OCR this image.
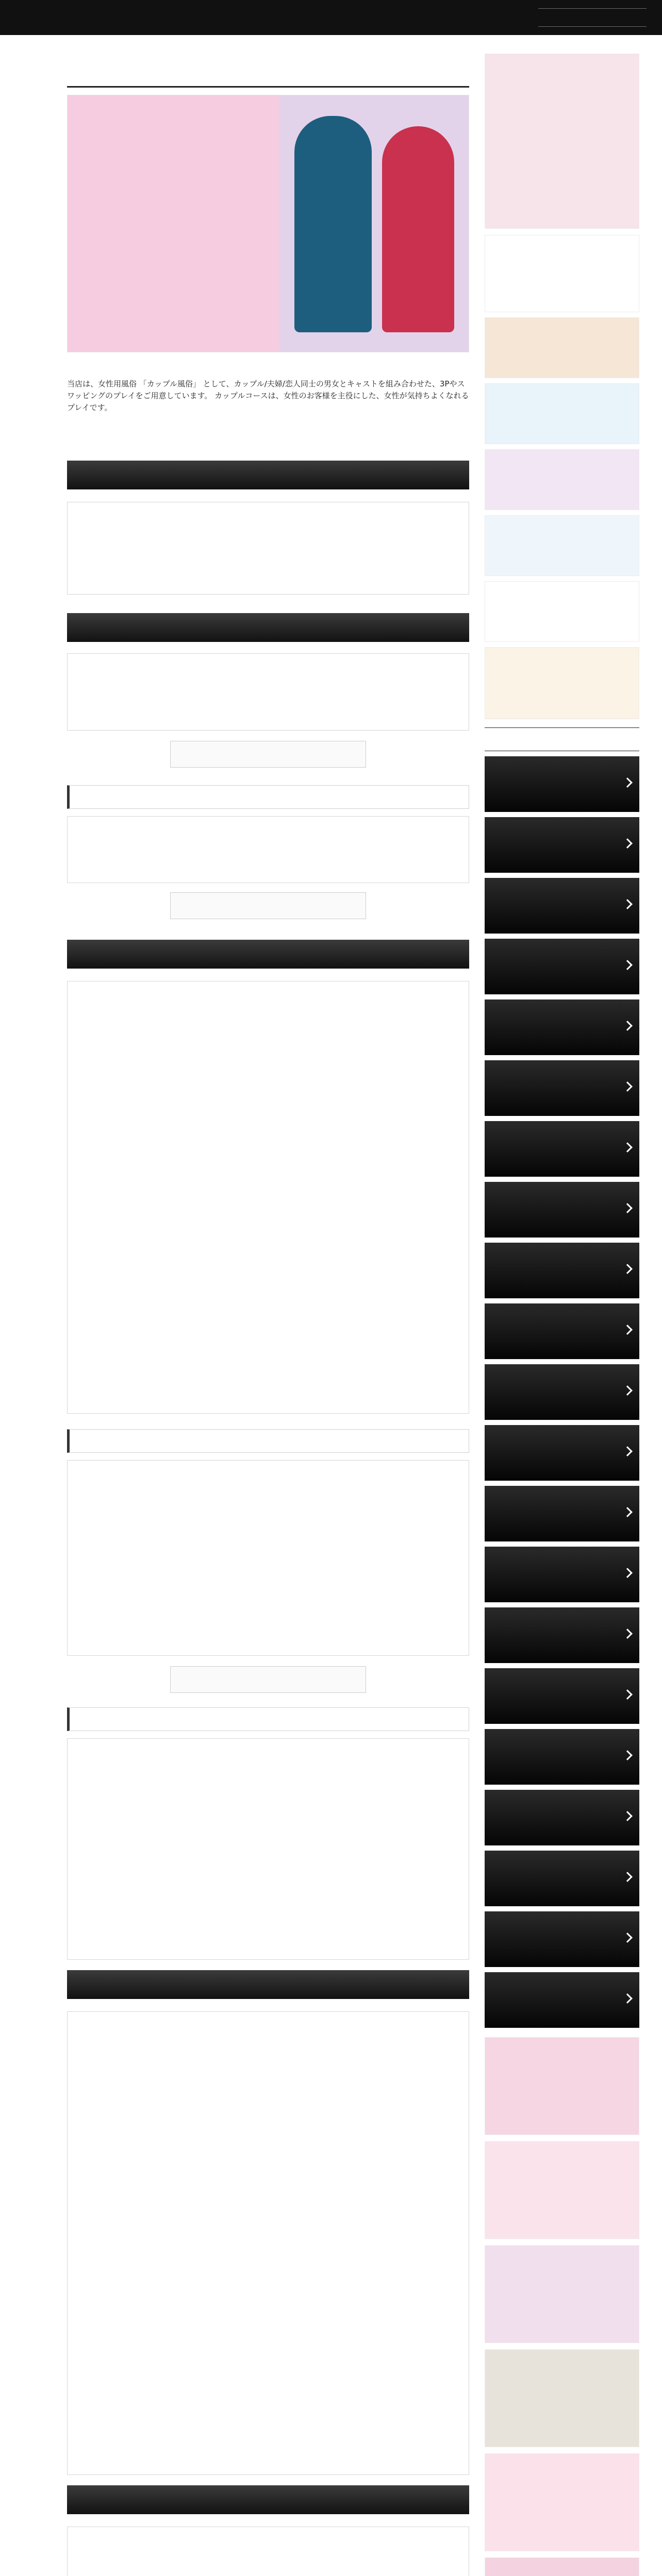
当店は、女性用風俗 「カップル風俗」 として、カップル/夫婦/恋人同士の男女とキャストを組み合わせた、3Pやスワッピングのプレイをご用意しています。 カップルコースは、女性のお客様を主役にした、女性が気持ちよくなれるプレイです。
